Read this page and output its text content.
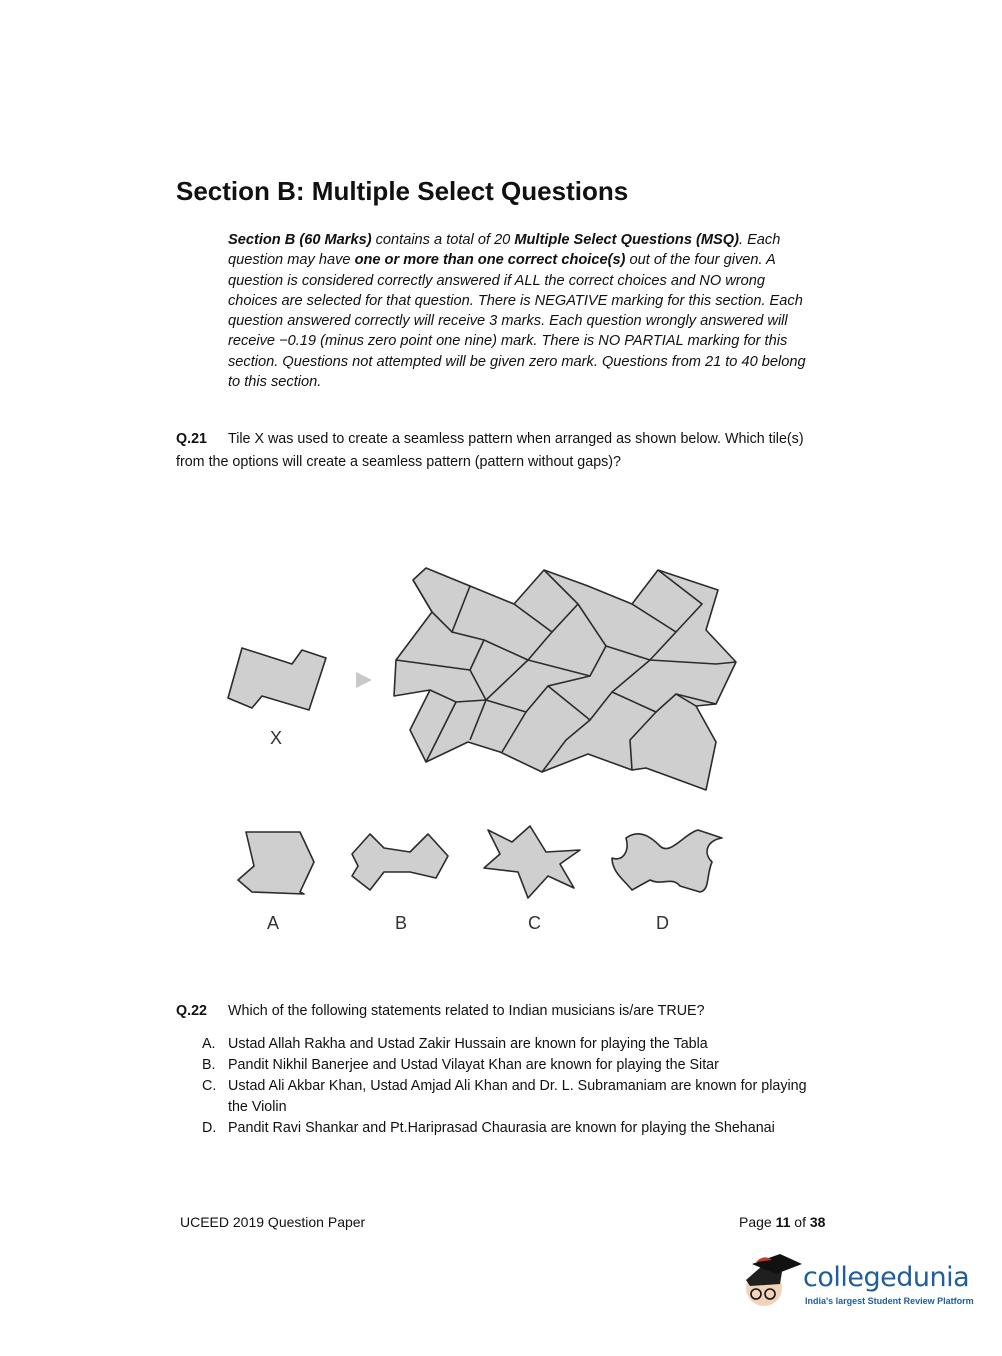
Section B: Multiple Select Questions
Section B (60 Marks) contains a total of 20 Multiple Select Questions (MSQ). Each question may have one or more than one correct choice(s) out of the four given. A question is considered correctly answered if ALL the correct choices and NO wrong choices are selected for that question. There is NEGATIVE marking for this section. Each question answered correctly will receive 3 marks. Each question wrongly answered will receive −0.19 (minus zero point one nine) mark. There is NO PARTIAL marking for this section. Questions not attempted will be given zero mark. Questions from 21 to 40 belong to this section.
Q.21 Tile X was used to create a seamless pattern when arranged as shown below. Which tile(s) from the options will create a seamless pattern (pattern without gaps)?
X
A	B	C	D
Q.22 Which of the following statements related to Indian musicians is/are TRUE?
A. Ustad Allah Rakha and Ustad Zakir Hussain are known for playing the Tabla
B. Pandit Nikhil Banerjee and Ustad Vilayat Khan are known for playing the Sitar
C. Ustad Ali Akbar Khan, Ustad Amjad Ali Khan and Dr. L. Subramaniam are known for playing the Violin
D. Pandit Ravi Shankar and Pt.Hariprasad Chaurasia are known for playing the Shehanai
UCEED 2019 Question Paper	Page 11 of 38
collegedunia
India's largest Student Review Platform
